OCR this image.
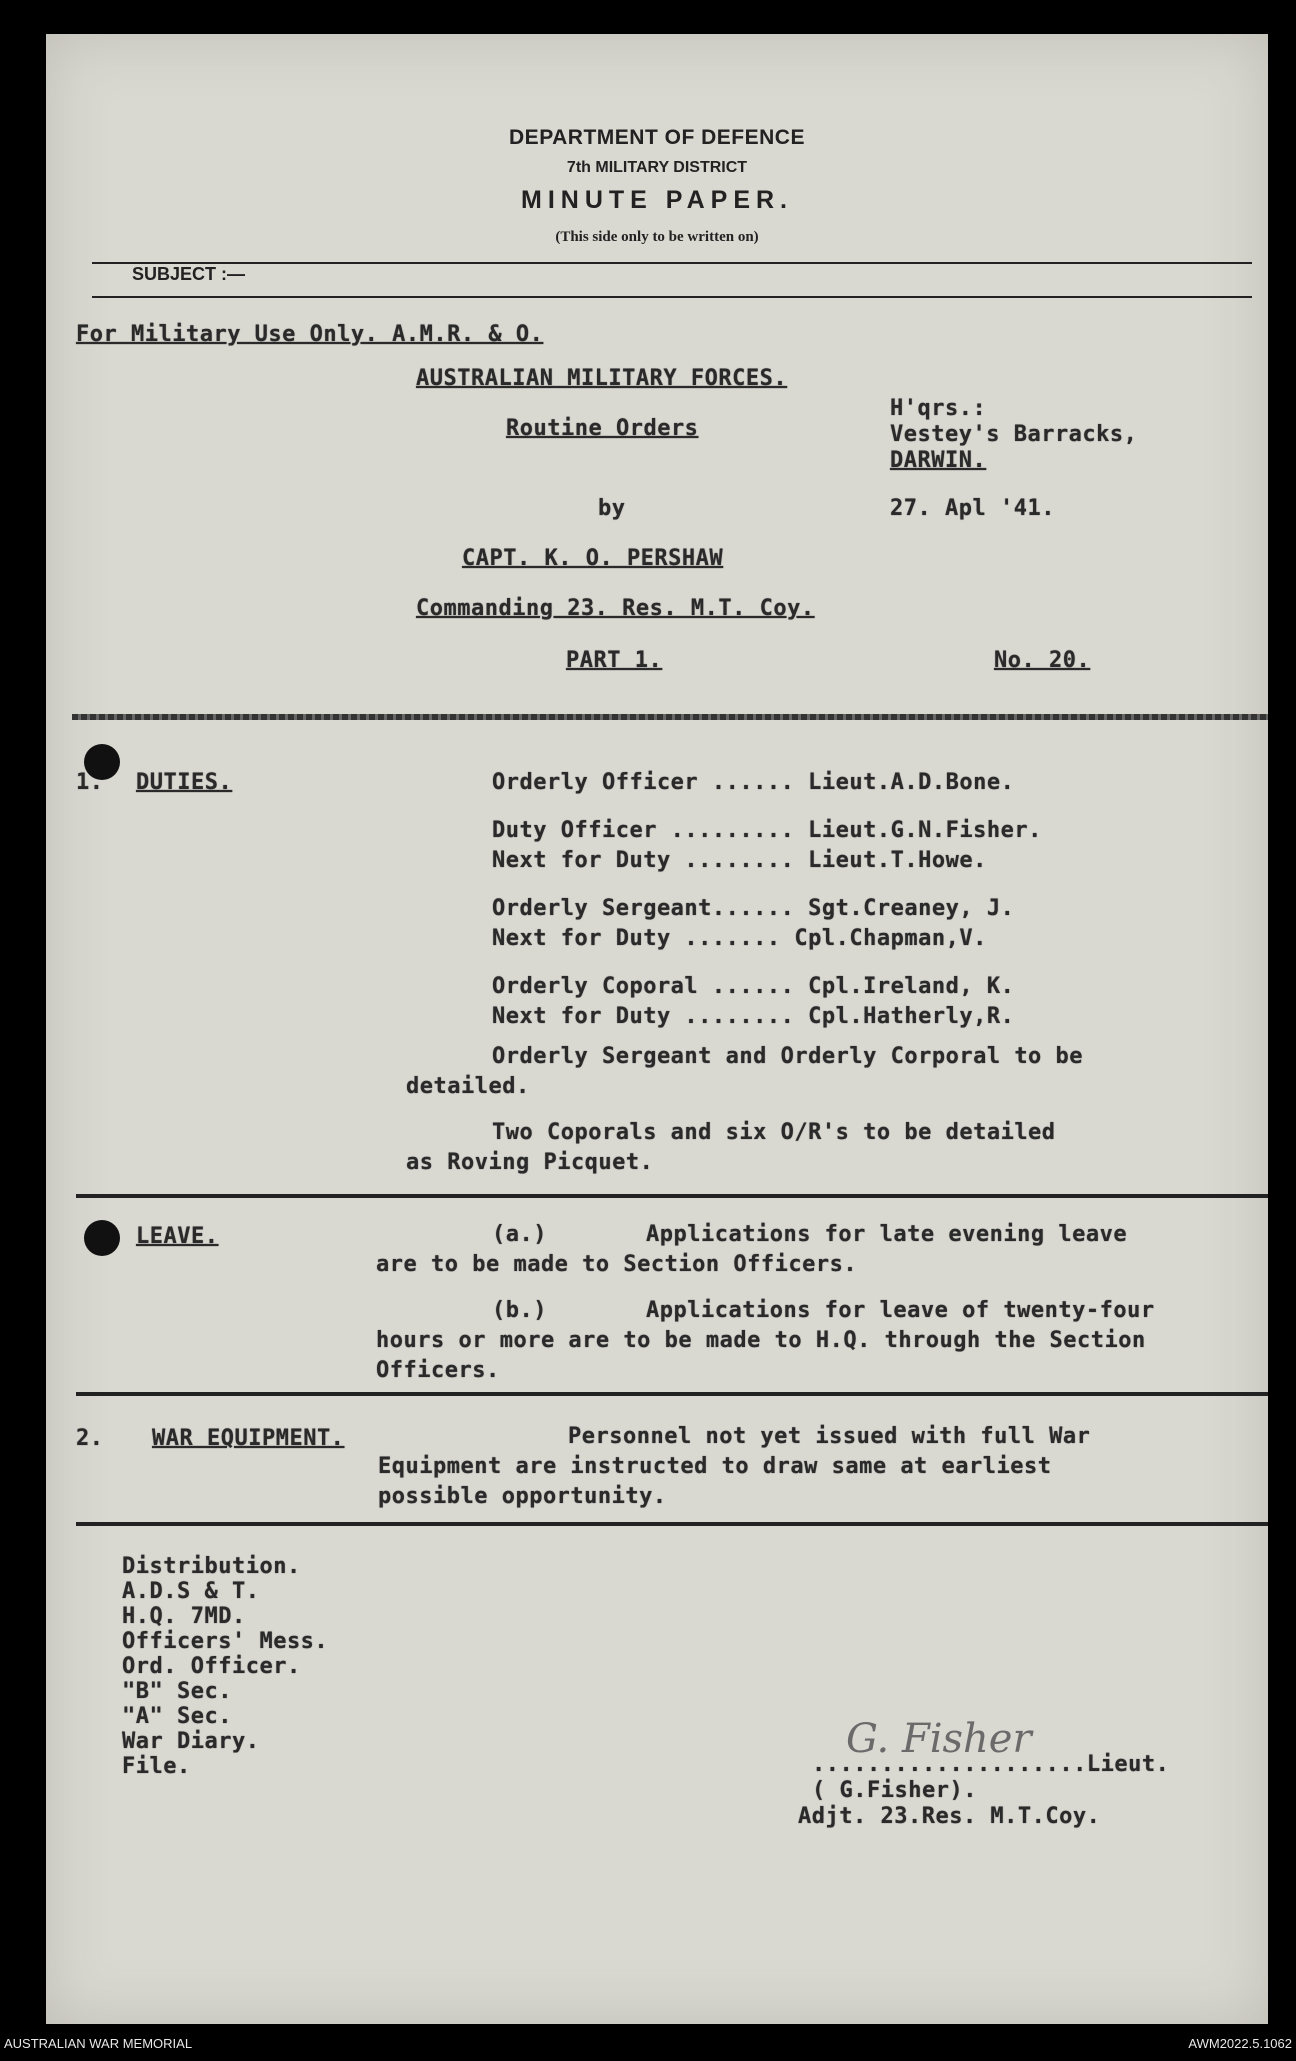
DEPARTMENT OF DEFENCE
7th MILITARY DISTRICT
MINUTE PAPER.
(This side only to be written on)
SUBJECT :—
For Military Use Only. A.M.R. & O.
AUSTRALIAN MILITARY FORCES.
Routine Orders
by
CAPT. K. O. PERSHAW
Commanding 23. Res. M.T. Coy.
PART 1.
H'qrs.:
Vestey's Barracks,
DARWIN.
27. Apl '41.
No. 20.
1. DUTIES.	Orderly Officer ...... Lieut.A.D.Bone.
Duty Officer ......... Lieut.G.N.Fisher.
Next for Duty ........ Lieut.T.Howe.
Orderly Sergeant...... Sgt.Creaney, J.
Next for Duty ....... Cpl.Chapman,V.
Orderly Coporal ...... Cpl.Ireland, K.
Next for Duty ........ Cpl.Hatherly,R.
Orderly Sergeant and Orderly Corporal to be
detailed.
Two Coporals and six O/R's to be detailed
as Roving Picquet.
LEAVE.	(a.)	Applications for late evening leave
are to be made to Section Officers.
(b.)	Applications for leave of twenty-four
hours or more are to be made to H.Q. through the Section
Officers.
2. WAR EQUIPMENT.	Personnel not yet issued with full War
Equipment are instructed to draw same at earliest
possible opportunity.
Distribution.
A.D.S & T.
H.Q. 7MD.
Officers' Mess.
Ord. Officer.
"B" Sec.
"A" Sec.
War Diary.
File.
G. Fisher
....................Lieut.
( G.Fisher).
Adjt. 23.Res. M.T.Coy.
AUSTRALIAN WAR MEMORIAL	AWM2022.5.1062
